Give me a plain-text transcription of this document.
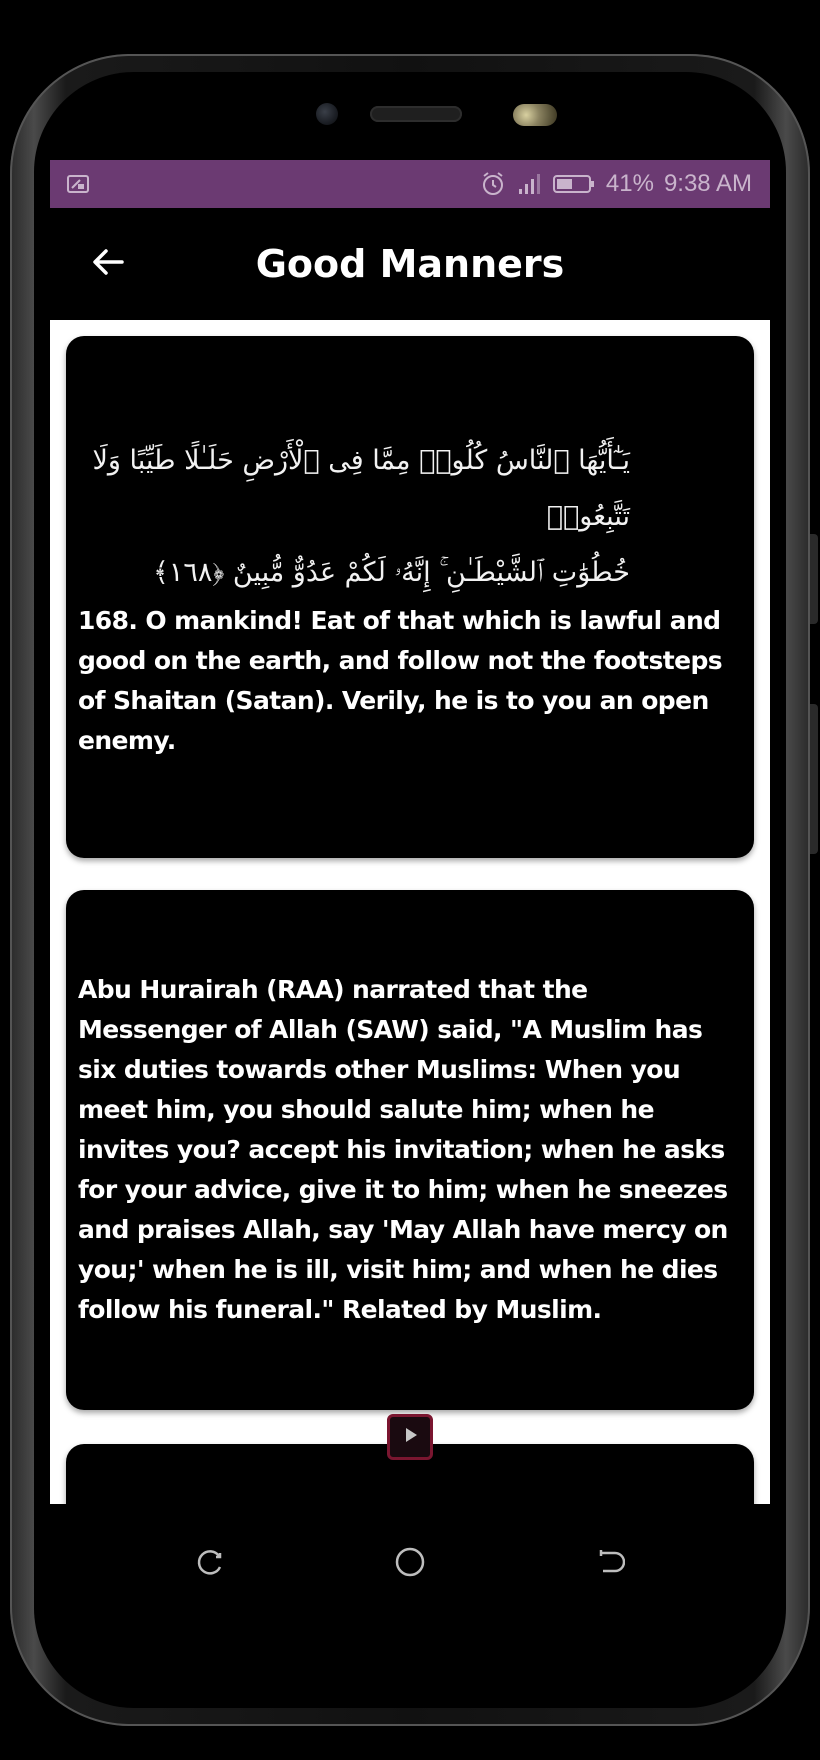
41% 9:38 AM
Good Manners
يَـٰٓأَيُّهَا ٱلنَّاسُ كُلُوا۟ مِمَّا فِى ٱلْأَرْضِ حَلَـٰلًا طَيِّبًا وَلَا تَتَّبِعُوا۟
خُطُوَٰتِ ٱلشَّيْطَـٰنِ ۚ إِنَّهُۥ لَكُمْ عَدُوٌّ مُّبِينٌ ﴿١٦٨﴾
168. O mankind! Eat of that which is lawful and good on the earth, and follow not the footsteps of Shaitan (Satan). Verily, he is to you an open enemy.
Abu Hurairah (RAA) narrated that the Messenger of Allah (SAW) said, "A Muslim has six duties towards other Muslims: When you meet him, you should salute him; when he
invites you? accept his invitation; when he asks for your advice, give it to him; when he sneezes and praises Allah, say 'May Allah have mercy on you;' when he is ill, visit him; and when he dies follow his funeral." Related by Muslim.
